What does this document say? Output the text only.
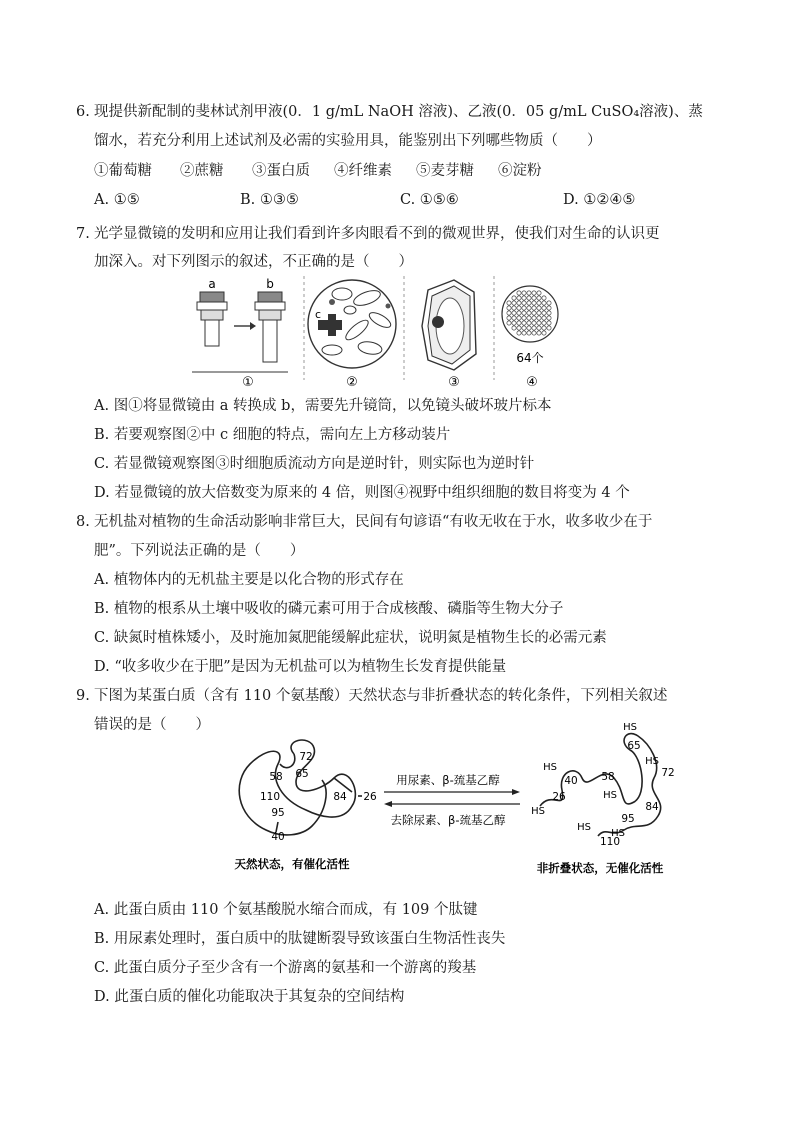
6. 现提供新配制的斐林试剂甲液(0．1 g/mL NaOH 溶液)、乙液(0．05 g/mL CuSO₄溶液)、蒸
馏水，若充分利用上述试剂及必需的实验用具，能鉴别出下列哪些物质（　　）
①葡萄糖 ②蔗糖 ③蛋白质 ④纤维素 ⑤麦芽糖 ⑥淀粉
A. ①⑤	B. ①③⑤	C. ①⑤⑥	D. ①②④⑤
7. 光学显微镜的发明和应用让我们看到许多肉眼看不到的微观世界，使我们对生命的认识更
加深入。对下列图示的叙述，不正确的是（　　）
a	b
①
c
②	③
64个
④
A. 图①将显微镜由 a 转换成 b，需要先升镜筒，以免镜头破坏玻片标本
B. 若要观察图②中 c 细胞的特点，需向左上方移动装片
C. 若显微镜观察图③时细胞质流动方向是逆时针，则实际也为逆时针
D. 若显微镜的放大倍数变为原来的 4 倍，则图④视野中组织细胞的数目将变为 4 个
8. 无机盐对植物的生命活动影响非常巨大，民间有句谚语“有收无收在于水，收多收少在于
肥”。下列说法正确的是（　　）
A. 植物体内的无机盐主要是以化合物的形式存在
B. 植物的根系从土壤中吸收的磷元素可用于合成核酸、磷脂等生物大分子
C. 缺氮时植株矮小，及时施加氮肥能缓解此症状，说明氮是植物生长的必需元素
D. “收多收少在于肥”是因为无机盐可以为植物生长发育提供能量
9. 下图为某蛋白质（含有 110 个氨基酸）天然状态与非折叠状态的转化条件，下列相关叙述
错误的是（　　）
72
65
58
110	84 26
95
40
天然状态，有催化活性
用尿素、β-巯基乙醇
去除尿素、β-巯基乙醇
HS
65
HS
72
HS
40 58
HS
HS
26
84
95
HS
HS
110
非折叠状态，无催化活性
A. 此蛋白质由 110 个氨基酸脱水缩合而成，有 109 个肽键
B. 用尿素处理时，蛋白质中的肽键断裂导致该蛋白生物活性丧失
C. 此蛋白质分子至少含有一个游离的氨基和一个游离的羧基
D. 此蛋白质的催化功能取决于其复杂的空间结构
